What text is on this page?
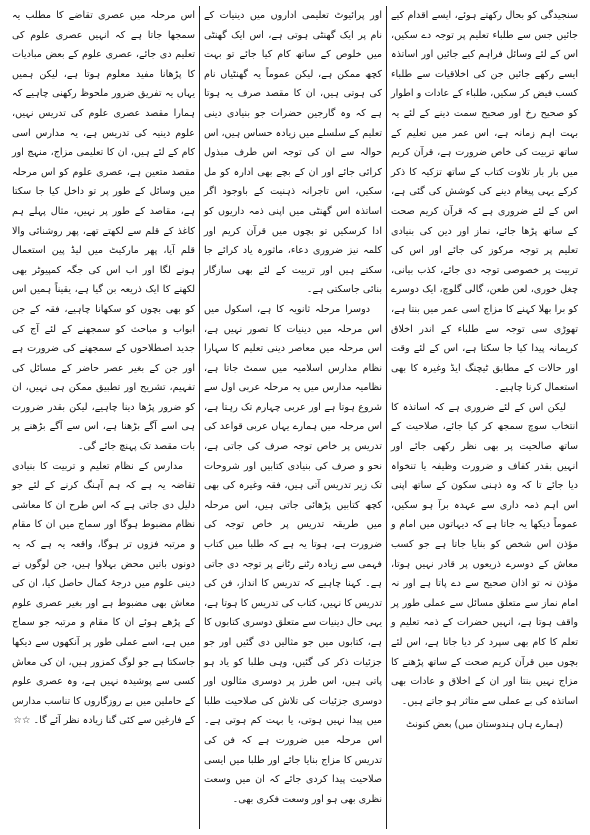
سنجیدگی کو بحال رکھتے ہوئے، ایسے اقدام کیے جائیں جس سے طلباء تعلیم پر توجہ دے سکیں، اس کے لئے وسائل فراہم کیے جائیں اور اساتذہ ایسے رکھے جائیں جن کی اخلاقیات سے طلباء کسب فیض کر سکیں، طلباء کے عادات و اطوار کو صحیح رخ اور صحیح سمت دینے کے لئے یہ بہت اہم زمانہ ہے، اس عمر میں تعلیم کے ساتھ تربیت کی خاص ضرورت ہے، قرآن کریم میں بار بار تلاوت کتاب کے ساتھ تزکیہ کا ذکر کرکے یہی پیغام دینے کی کوشش کی گئی ہے، اس کے لئے ضروری ہے کہ قرآن کریم صحت کے ساتھ پڑھا جائے، نماز اور دین کی بنیادی تعلیم پر توجہ مرکوز کی جائے اور اس کی تربیت پر خصوصی توجہ دی جائے، کذب بیانی، چغل خوری، لعن طعن، گالی گلوچ، ایک دوسرے کو برا بھلا کہنے کا مزاج اسی عمر میں بنتا ہے، تھوڑی سی توجہ سے طلباء کے اندر اخلاق کریمانہ پیدا کیا جا سکتا ہے، اس کے لئے وقت اور حالات کے مطابق ٹیچنگ ایڈ وغیرہ کا بھی استعمال کرنا چاہیے۔

لیکن اس کے لئے ضروری ہے کہ اساتذہ کا انتخاب سوچ سمجھ کر کیا جائے، صلاحیت کے ساتھ صالحیت پر بھی نظر رکھی جائے اور انہیں بقدر کفاف و ضرورت وظیفہ یا تنخواہ دیا جائے تا کہ وہ ذہنی سکون کے ساتھ اپنی اس اہم ذمہ داری سے عہدہ برآ ہو سکیں، عموماً دیکھا یہ جاتا ہے کہ دیہاتوں میں امام و مؤذن اس شخص کو بنایا جاتا ہے جو کسب معاش کے دوسرے ذریعوں پر قادر نہیں ہوتا، مؤذن نہ تو اذان صحیح سے دے پاتا ہے اور نہ امام نماز سے متعلق مسائل سے عملی طور پر واقف ہوتا ہے، انہیں حضرات کے ذمہ تعلیم و تعلم کا کام بھی سپرد کر دیا جاتا ہے، اس لئے بچوں میں قرآن کریم صحت کے ساتھ پڑھنے کا مزاج نہیں بنتا اور ان کے اخلاق و عادات بھی اساتذہ کی بے عملی سے متاثر ہو جاتے ہیں۔

(ہمارے ہاں ہندوستان میں) بعض کنونٹ

اور پرائیوٹ تعلیمی اداروں میں دینیات کے نام پر ایک گھنٹی ہوتی ہے، اس ایک گھنٹی میں خلوص کے ساتھ کام کیا جائے تو بہت کچھ ممکن ہے، لیکن عموماً یہ گھنٹیاں نام کی ہوتی ہیں، ان کا مقصد صرف یہ ہوتا ہے کہ وہ گارجین حضرات جو بنیادی دینی تعلیم کے سلسلے میں زیادہ حساس ہیں، اس حوالہ سے ان کی توجہ اس طرف مبذول کرائی جائے اور ان کے بچے بھی ادارہ کو مل سکیں، اس تاجرانہ ذہنیت کے باوجود اگر اساتذہ اس گھنٹی میں اپنی ذمہ داریوں کو ادا کرسکیں تو بچوں میں قرآن کریم اور کلمہ نیز ضروری دعاء، ماثورہ یاد کرائے جا سکتے ہیں اور تربیت کے لئے بھی سازگار بنائی جاسکتی ہے۔

دوسرا مرحلہ ثانویہ کا ہے، اسکول میں اس مرحلہ میں دینیات کا تصور نہیں ہے، اس مرحلہ میں معاصر دینی تعلیم کا سہارا نظام مدارس اسلامیہ میں سمٹ جاتا ہے، نظامیہ مدارس میں یہ مرحلہ عربی اول سے شروع ہوتا ہے اور عربی چہارم تک رہتا ہے، اس مرحلہ میں ہمارے یہاں عربی قواعد کی تدریس پر خاص توجہ صرف کی جاتی ہے، نحو و صرف کی بنیادی کتابیں اور شروحات تک زیر تدریس آتی ہیں، فقہ وغیرہ کی بھی کچھ کتابیں پڑھائی جاتی ہیں، اس مرحلہ میں طریقہ تدریس پر خاص توجہ کی ضرورت ہے، ہوتا یہ ہے کہ طلبا میں کتاب فہمی سے زیادہ رٹنے رٹانے پر توجہ دی جاتی ہے۔ کہنا چاہیے کہ تدریس کا انداز، فن کی تدریس کا نہیں، کتاب کی تدریس کا ہوتا ہے، یہی حال دینیات سے متعلق دوسری کتابوں کا ہے، کتابوں میں جو مثالیں دی گئیں اور جو جزئیات ذکر کی گئیں، وہی طلبا کو یاد ہو پاتی ہیں، اس طرز پر دوسری مثالوں اور دوسری جزئیات کی تلاش کی صلاحیت طلبا میں پیدا نہیں ہوتی، یا بہت کم ہوتی ہے۔ اس مرحلہ میں ضرورت ہے کہ فن کی تدریس کا مزاج بنایا جائے اور طلبا میں ایسی صلاحیت پیدا کردی جائے کہ ان میں وسعت نظری بھی ہو اور وسعت فکری بھی۔

اس مرحلہ میں عصری تقاضے کا مطلب یہ سمجھا جاتا ہے کہ انہیں عصری علوم کی تعلیم دی جائے، عصری علوم کے بعض مبادیات کا پڑھانا مفید معلوم ہوتا ہے، لیکن ہمیں یہاں یہ تفریق ضرور ملحوظ رکھنی چاہیے کہ ہمارا مقصد عصری علوم کی تدریس نہیں، علوم دینیہ کی تدریس ہے، یہ مدارس اسی کام کے لئے ہیں، ان کا تعلیمی مزاج، منہج اور مقصد متعین ہے، عصری علوم کو اس مرحلہ میں وسائل کے طور پر تو داخل کیا جا سکتا ہے، مقاصد کے طور پر نہیں، مثال پہلے ہم کاغذ کے قلم سے لکھتے تھے، پھر روشنائی والا قلم آیا، پھر مارکیٹ میں لیڈ پین استعمال ہونے لگا اور اب اس کی جگہ کمپیوٹر بھی لکھنے کا ایک ذریعہ بن گیا ہے، یقیناً ہمیں اس کو بھی بچوں کو سکھانا چاہیے، فقہ کے جن ابواب و مباحث کو سمجھنے کے لئے آج کی جدید اصطلاحوں کے سمجھنے کی ضرورت ہے اور جن کے بغیر عصر حاضر کے مسائل کی تفہیم، تشریح اور تطبیق ممکن ہی نہیں، ان کو ضرور پڑھا دینا چاہیے، لیکن بقدر ضرورت ہی اسے آگے بڑھنا ہے، اس سے آگے بڑھنے پر بات مقصد تک پہنچ جائے گی۔

مدارس کے نظام تعلیم و تربیت کا بنیادی تقاضہ یہ ہے کہ ہم آہنگ کرنے کے لئے جو دلیل دی جاتی ہے کہ اس طرح ان کا معاشی نظام مضبوط ہوگا اور سماج میں ان کا مقام و مرتبہ فزوں تر ہوگا، واقعہ یہ ہے کہ یہ دونوں باتیں محض بہلاوا ہیں، جن لوگوں نے دینی علوم میں درجۂ کمال حاصل کیا، ان کی معاش بھی مضبوط ہے اور بغیر عصری علوم کے پڑھے ہوئے ان کا مقام و مرتبہ جو سماج میں ہے، اسے عملی طور پر آنکھوں سے دیکھا جاسکتا ہے جو لوگ کمزور ہیں، ان کی معاش کسی سے پوشیدہ نہیں ہے، وہ عصری علوم کے حاملین میں بے روزگاروں کا تناسب مدارس کے فارغین سے کئی گنا زیادہ نظر آئے گا۔ ☆☆
